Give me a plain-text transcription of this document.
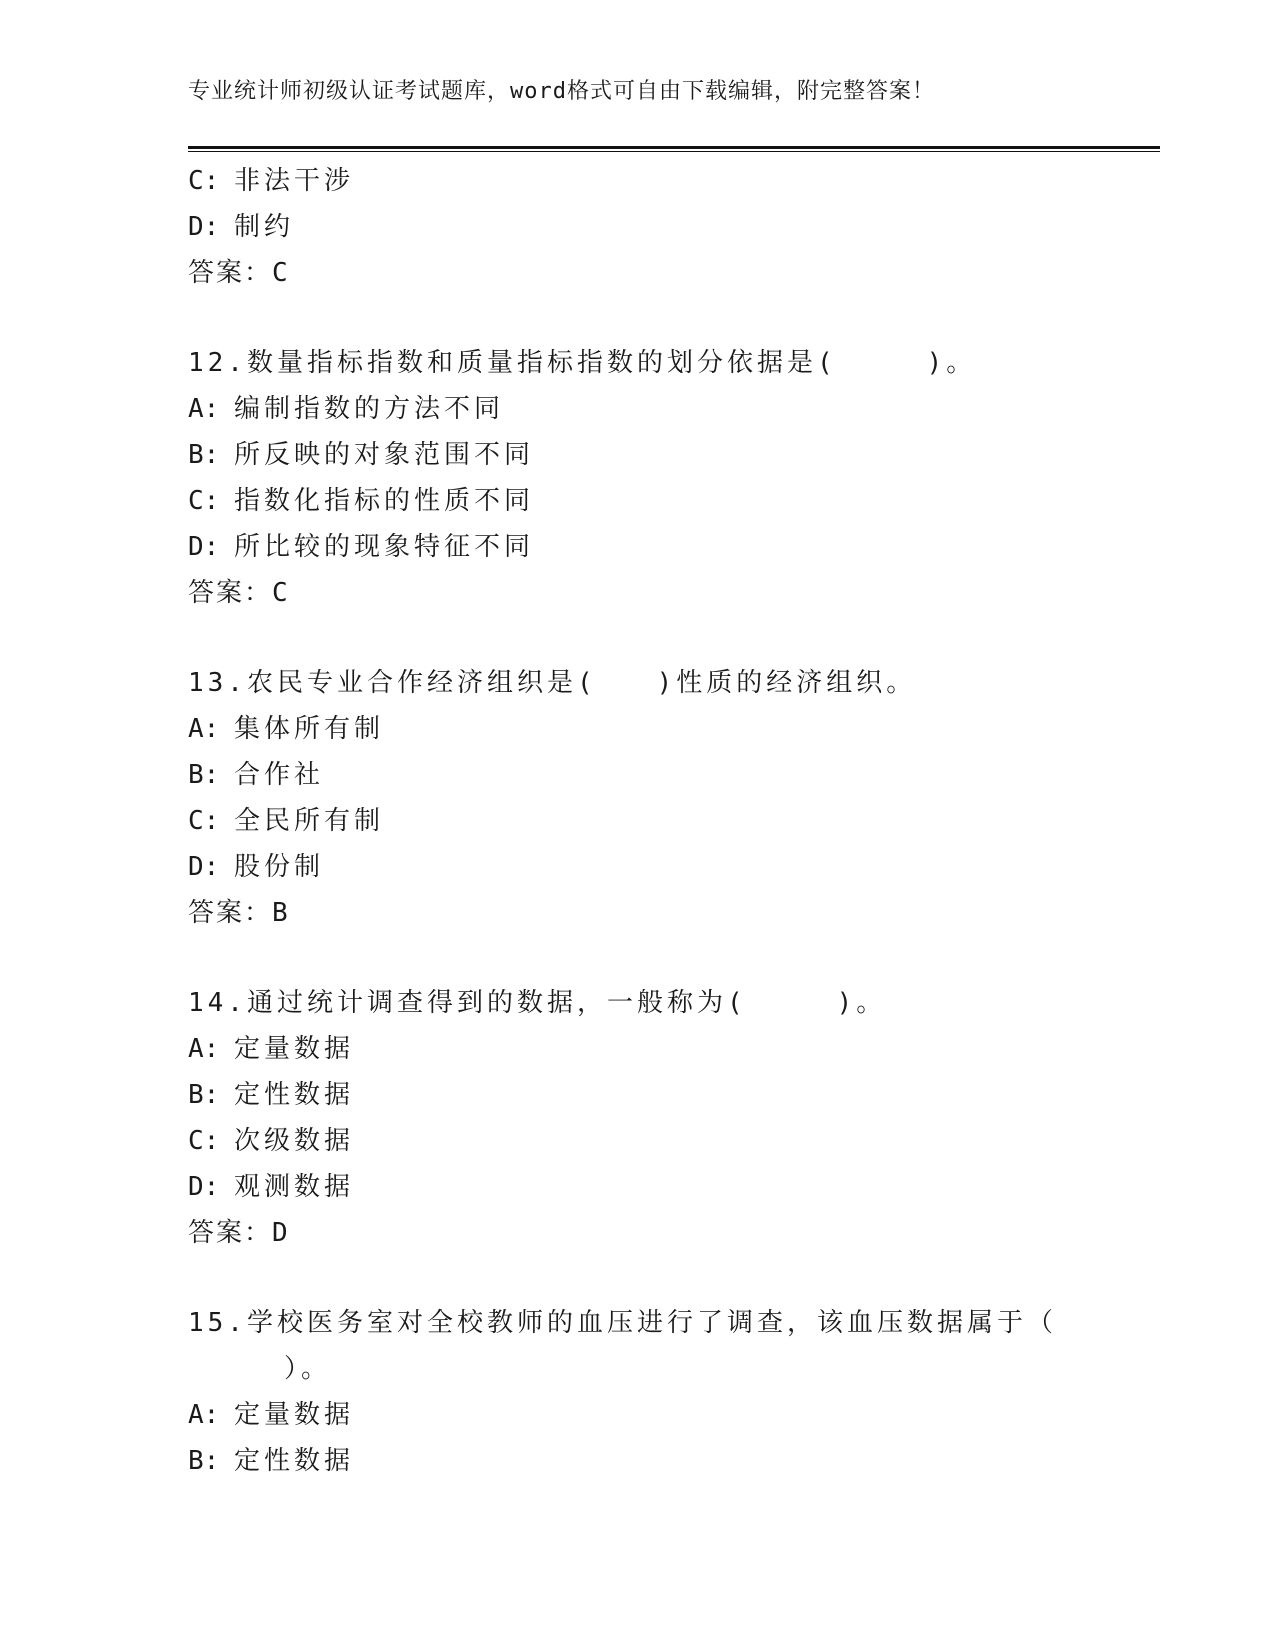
专业统计师初级认证考试题库，word格式可自由下载编辑，附完整答案！
C: 非法干涉
D: 制约
答案：C
12.数量指标指数和质量指标指数的划分依据是(　　　)。
A: 编制指数的方法不同
B: 所反映的对象范围不同
C: 指数化指标的性质不同
D: 所比较的现象特征不同
答案：C
13.农民专业合作经济组织是(　　)性质的经济组织。
A: 集体所有制
B: 合作社
C: 全民所有制
D: 股份制
答案：B
14.通过统计调查得到的数据，一般称为(　　　)。
A: 定量数据
B: 定性数据
C: 次级数据
D: 观测数据
答案：D
15.学校医务室对全校教师的血压进行了调查，该血压数据属于（
　）。
A: 定量数据
B: 定性数据
